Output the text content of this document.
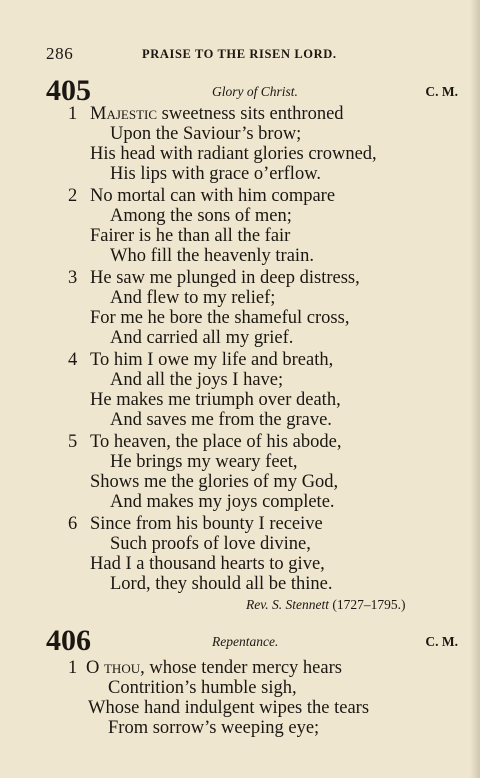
286	PRAISE TO THE RISEN LORD.
405	Glory of Christ.	C. M.
1 Majestic sweetness sits enthroned
Upon the Saviour’s brow;
His head with radiant glories crowned,
His lips with grace o’erflow.
2 No mortal can with him compare
Among the sons of men;
Fairer is he than all the fair
Who fill the heavenly train.
3 He saw me plunged in deep distress,
And flew to my relief;
For me he bore the shameful cross,
And carried all my grief.
4 To him I owe my life and breath,
And all the joys I have;
He makes me triumph over death,
And saves me from the grave.
5 To heaven, the place of his abode,
He brings my weary feet,
Shows me the glories of my God,
And makes my joys complete.
6 Since from his bounty I receive
Such proofs of love divine,
Had I a thousand hearts to give,
Lord, they should all be thine.
Rev. S. Stennett (1727–1795.)
406	Repentance.	C. M.
1 O thou, whose tender mercy hears
Contrition’s humble sigh,
Whose hand indulgent wipes the tears
From sorrow’s weeping eye;
